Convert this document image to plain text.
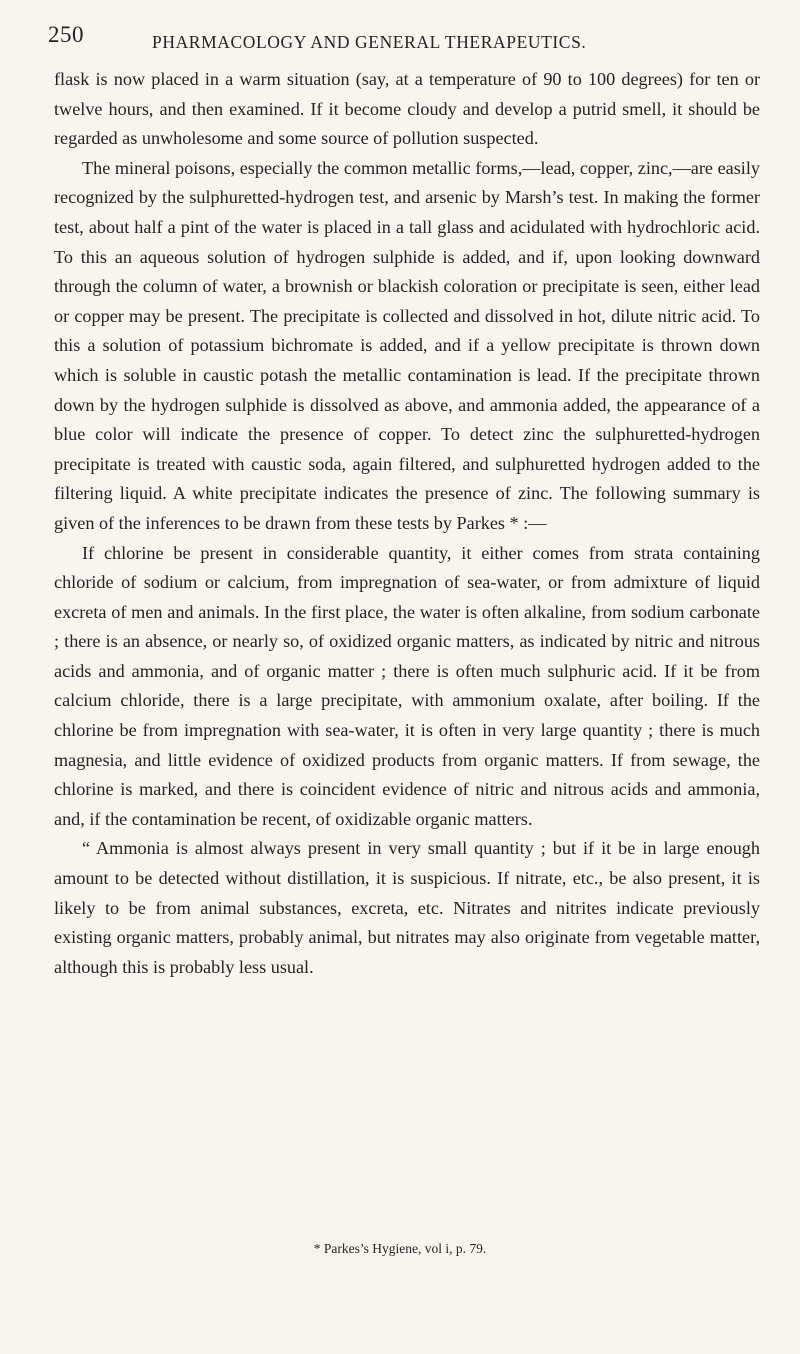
250	PHARMACOLOGY AND GENERAL THERAPEUTICS.

flask is now placed in a warm situation (say, at a temperature of 90 to 100 degrees) for ten or twelve hours, and then examined. If it become cloudy and develop a putrid smell, it should be regarded as unwholesome and some source of pollution suspected.

The mineral poisons, especially the common metallic forms,—lead, copper, zinc,—are easily recognized by the sulphuretted-hydrogen test, and arsenic by Marsh’s test. In making the former test, about half a pint of the water is placed in a tall glass and acidulated with hydrochloric acid. To this an aqueous solution of hydrogen sulphide is added, and if, upon looking downward through the column of water, a brownish or blackish coloration or precipitate is seen, either lead or copper may be present. The precipitate is collected and dissolved in hot, dilute nitric acid. To this a solution of potassium bichromate is added, and if a yellow precipitate is thrown down which is soluble in caustic potash the metallic contamination is lead. If the precipitate thrown down by the hydrogen sulphide is dissolved as above, and ammonia added, the appearance of a blue color will indicate the presence of copper. To detect zinc the sulphuretted-hydrogen precipitate is treated with caustic soda, again filtered, and sulphuretted hydrogen added to the filtering liquid. A white precipitate indicates the presence of zinc. The following summary is given of the inferences to be drawn from these tests by Parkes * :—

If chlorine be present in considerable quantity, it either comes from strata containing chloride of sodium or calcium, from impregnation of sea-water, or from admixture of liquid excreta of men and animals. In the first place, the water is often alkaline, from sodium carbonate ; there is an absence, or nearly so, of oxidized organic matters, as indicated by nitric and nitrous acids and ammonia, and of organic matter ; there is often much sulphuric acid. If it be from calcium chloride, there is a large precipitate, with ammonium oxalate, after boiling. If the chlorine be from impregnation with sea-water, it is often in very large quantity ; there is much magnesia, and little evidence of oxidized products from organic matters. If from sewage, the chlorine is marked, and there is coincident evidence of nitric and nitrous acids and ammonia, and, if the contamination be recent, of oxidizable organic matters.

“ Ammonia is almost always present in very small quantity ; but if it be in large enough amount to be detected without distillation, it is suspicious. If nitrate, etc., be also present, it is likely to be from animal substances, excreta, etc. Nitrates and nitrites indicate previously existing organic matters, probably animal, but nitrates may also originate from vegetable matter, although this is probably less usual.

* Parkes’s Hygiene, vol i, p. 79.
